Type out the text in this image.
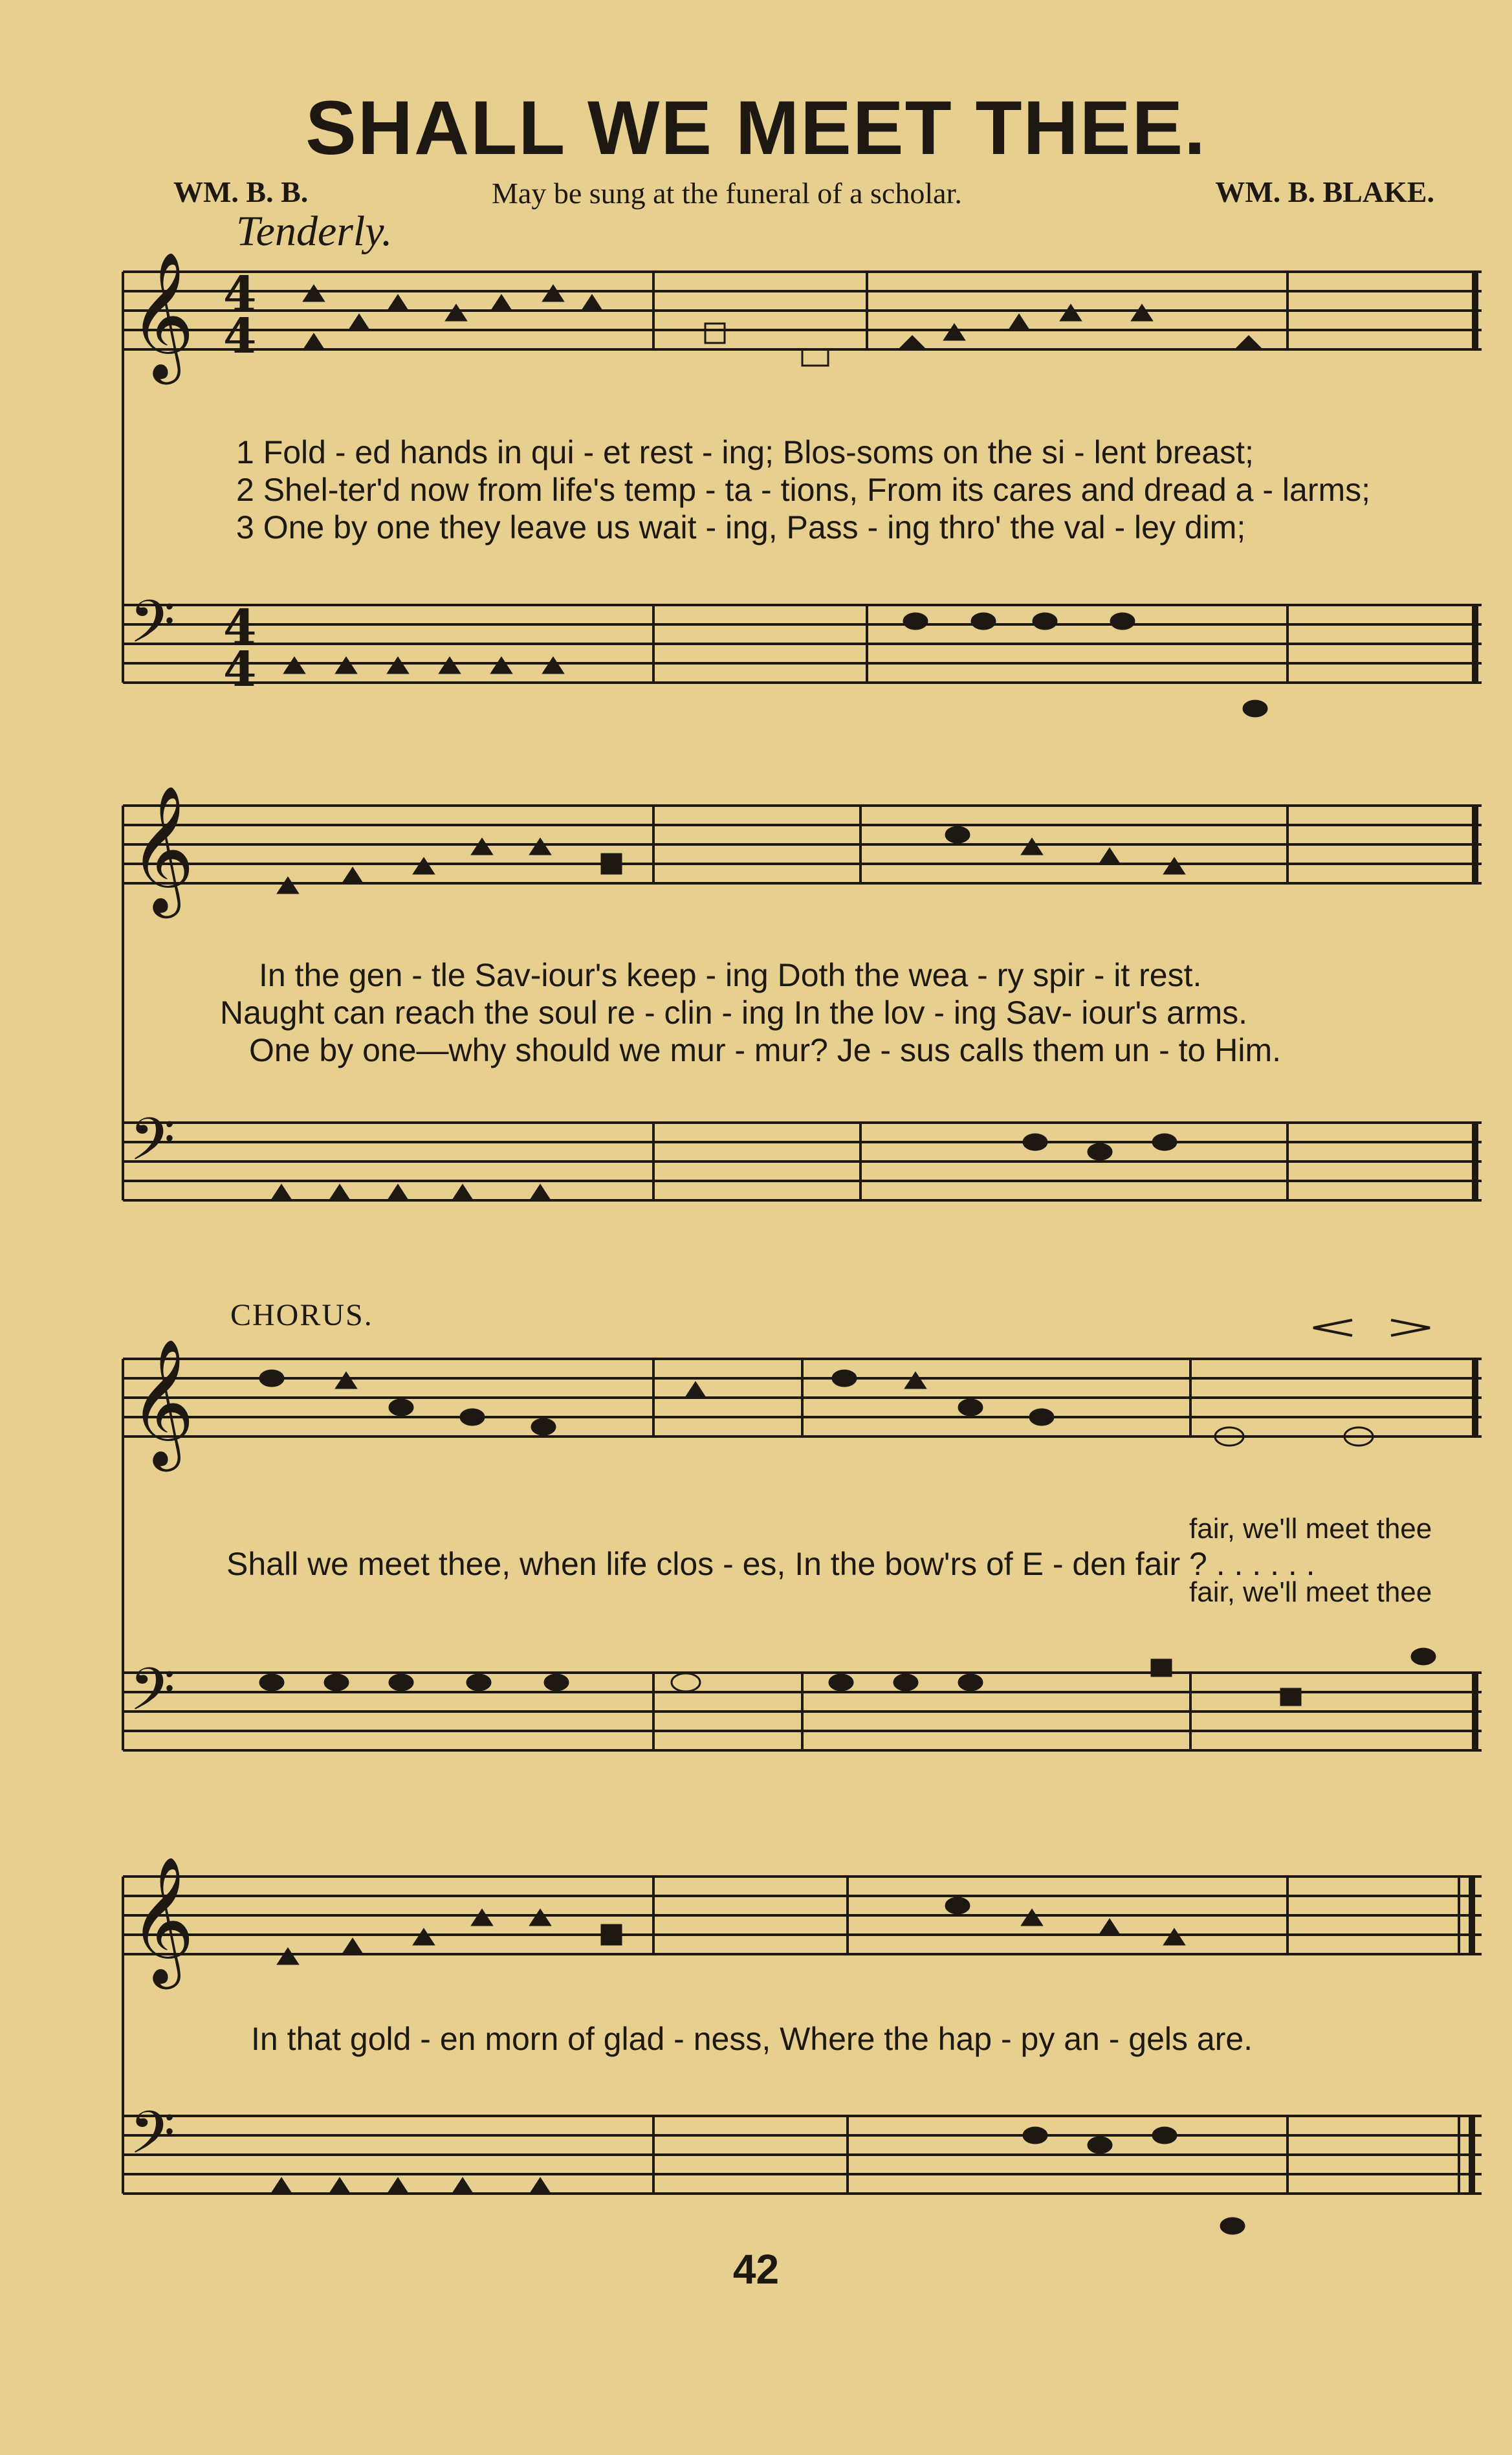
SHALL WE MEET THEE.
WM. B. B.	May be sung at the funeral of a scholar.	WM. B. BLAKE.
Tenderly.
𝄞
𝄢
𝄞
𝄢
𝄞
𝄢
𝄞
𝄢
4
4
4
4
CHORUS.
1 Fold - ed hands in qui - et rest - ing; Blos-soms on the si - lent breast;
2 Shel-ter'd now from life's temp - ta - tions, From its cares and dread a - larms;
3 One by one they leave us wait - ing, Pass - ing thro' the val - ley dim;
In the gen - tle Sav-iour's keep - ing Doth the wea - ry spir - it rest.
Naught can reach the soul re - clin - ing In the lov - ing Sav- iour's arms.
One by one—why should we mur - mur? Je - sus calls them un - to Him.
fair, we'll meet thee
Shall we meet thee, when life clos - es, In the bow'rs of E - den fair ? . . . . . .
fair, we'll meet thee
In that gold - en morn of glad - ness, Where the hap - py an - gels are.
42
